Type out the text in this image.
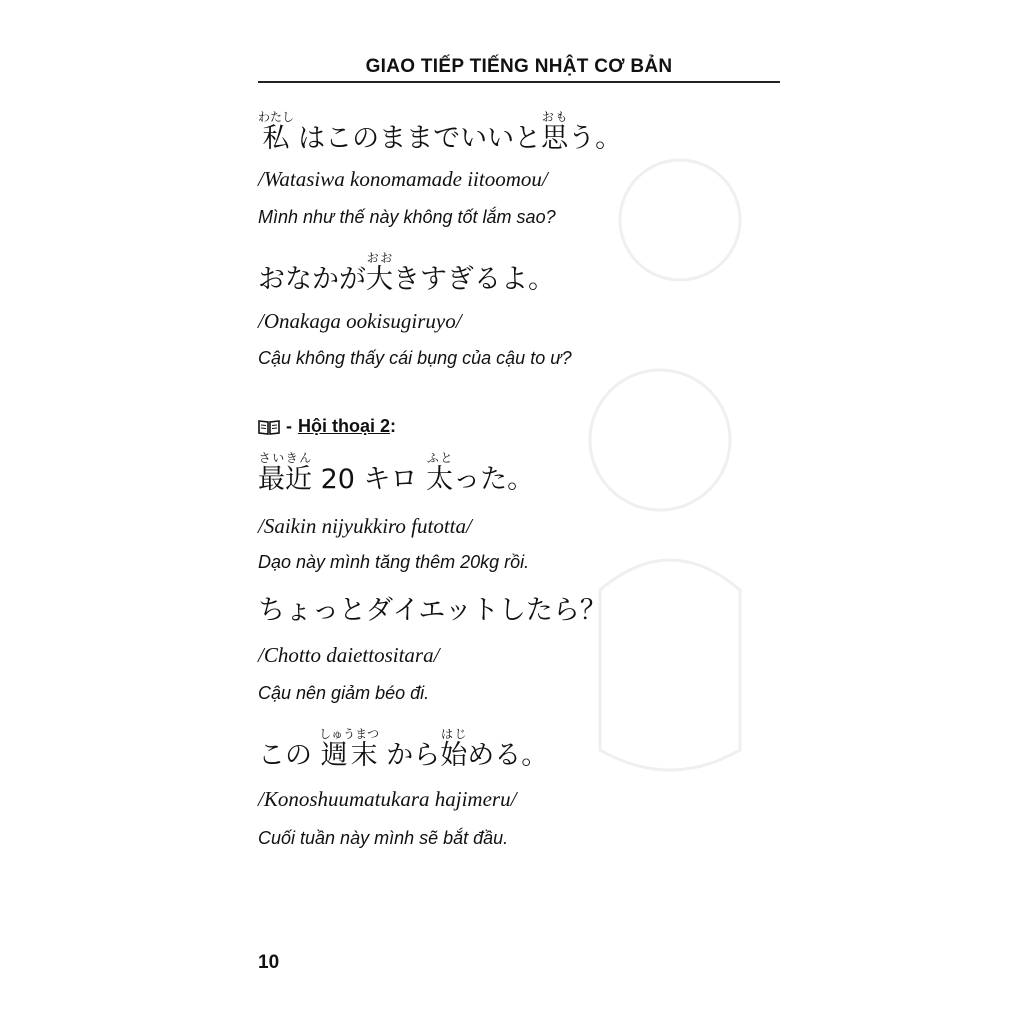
GIAO TIẾP TIẾNG NHẬT CƠ BẢN
私わたし はこのままでいいと思おもう。
/Watasiwa konomamade iitoomou/
Mình như thế này không tốt lắm sao?
おなかが大おおきすぎるよ。
/Onakaga ookisugiruyo/
Cậu không thấy cái bụng của cậu to ư?
- Hội thoại 2:
最近さいきん 20 キロ 太ふとった。
/Saikin nijyukkiro futotta/
Dạo này mình tăng thêm 20kg rồi.
ちょっとダイエットしたら？
/Chotto daiettositara/
Cậu nên giảm béo đi.
この 週末しゅうまつ から始はじめる。
/Konoshuumatukara hajimeru/
Cuối tuần này mình sẽ bắt đầu.
10
